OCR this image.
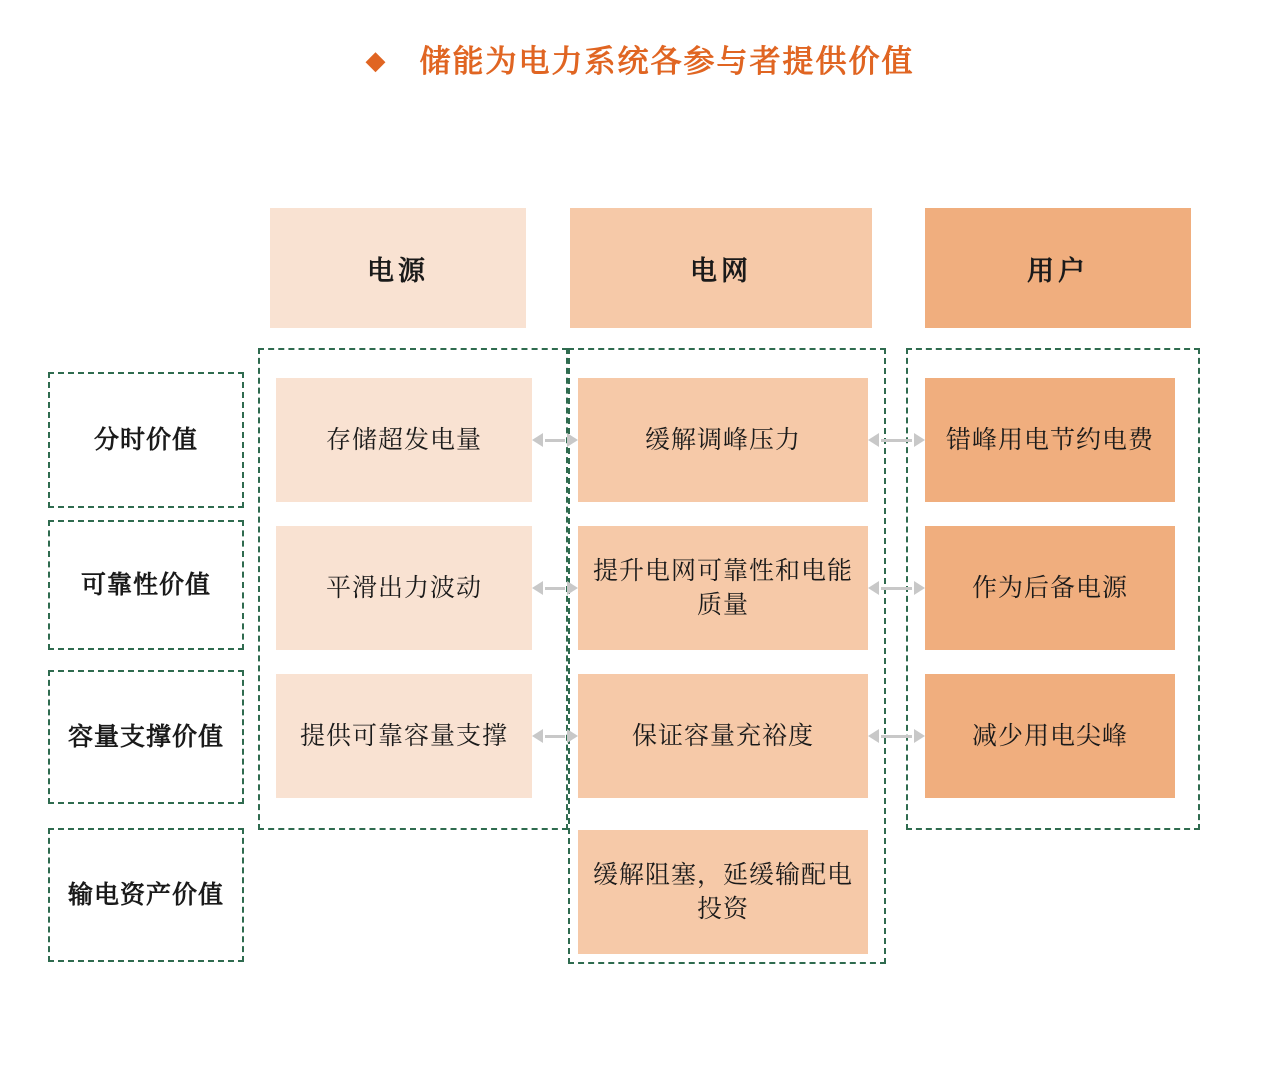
◆ 储能为电力系统各参与者提供价值
电源	电网	用户
分时价值
可靠性价值
容量支撑价值
输电资产价值
存储超发电量
平滑出力波动
提供可靠容量支撑
缓解调峰压力
提升电网可靠性和电能质量
保证容量充裕度
缓解阻塞，延缓输配电投资
错峰用电节约电费
作为后备电源
减少用电尖峰
